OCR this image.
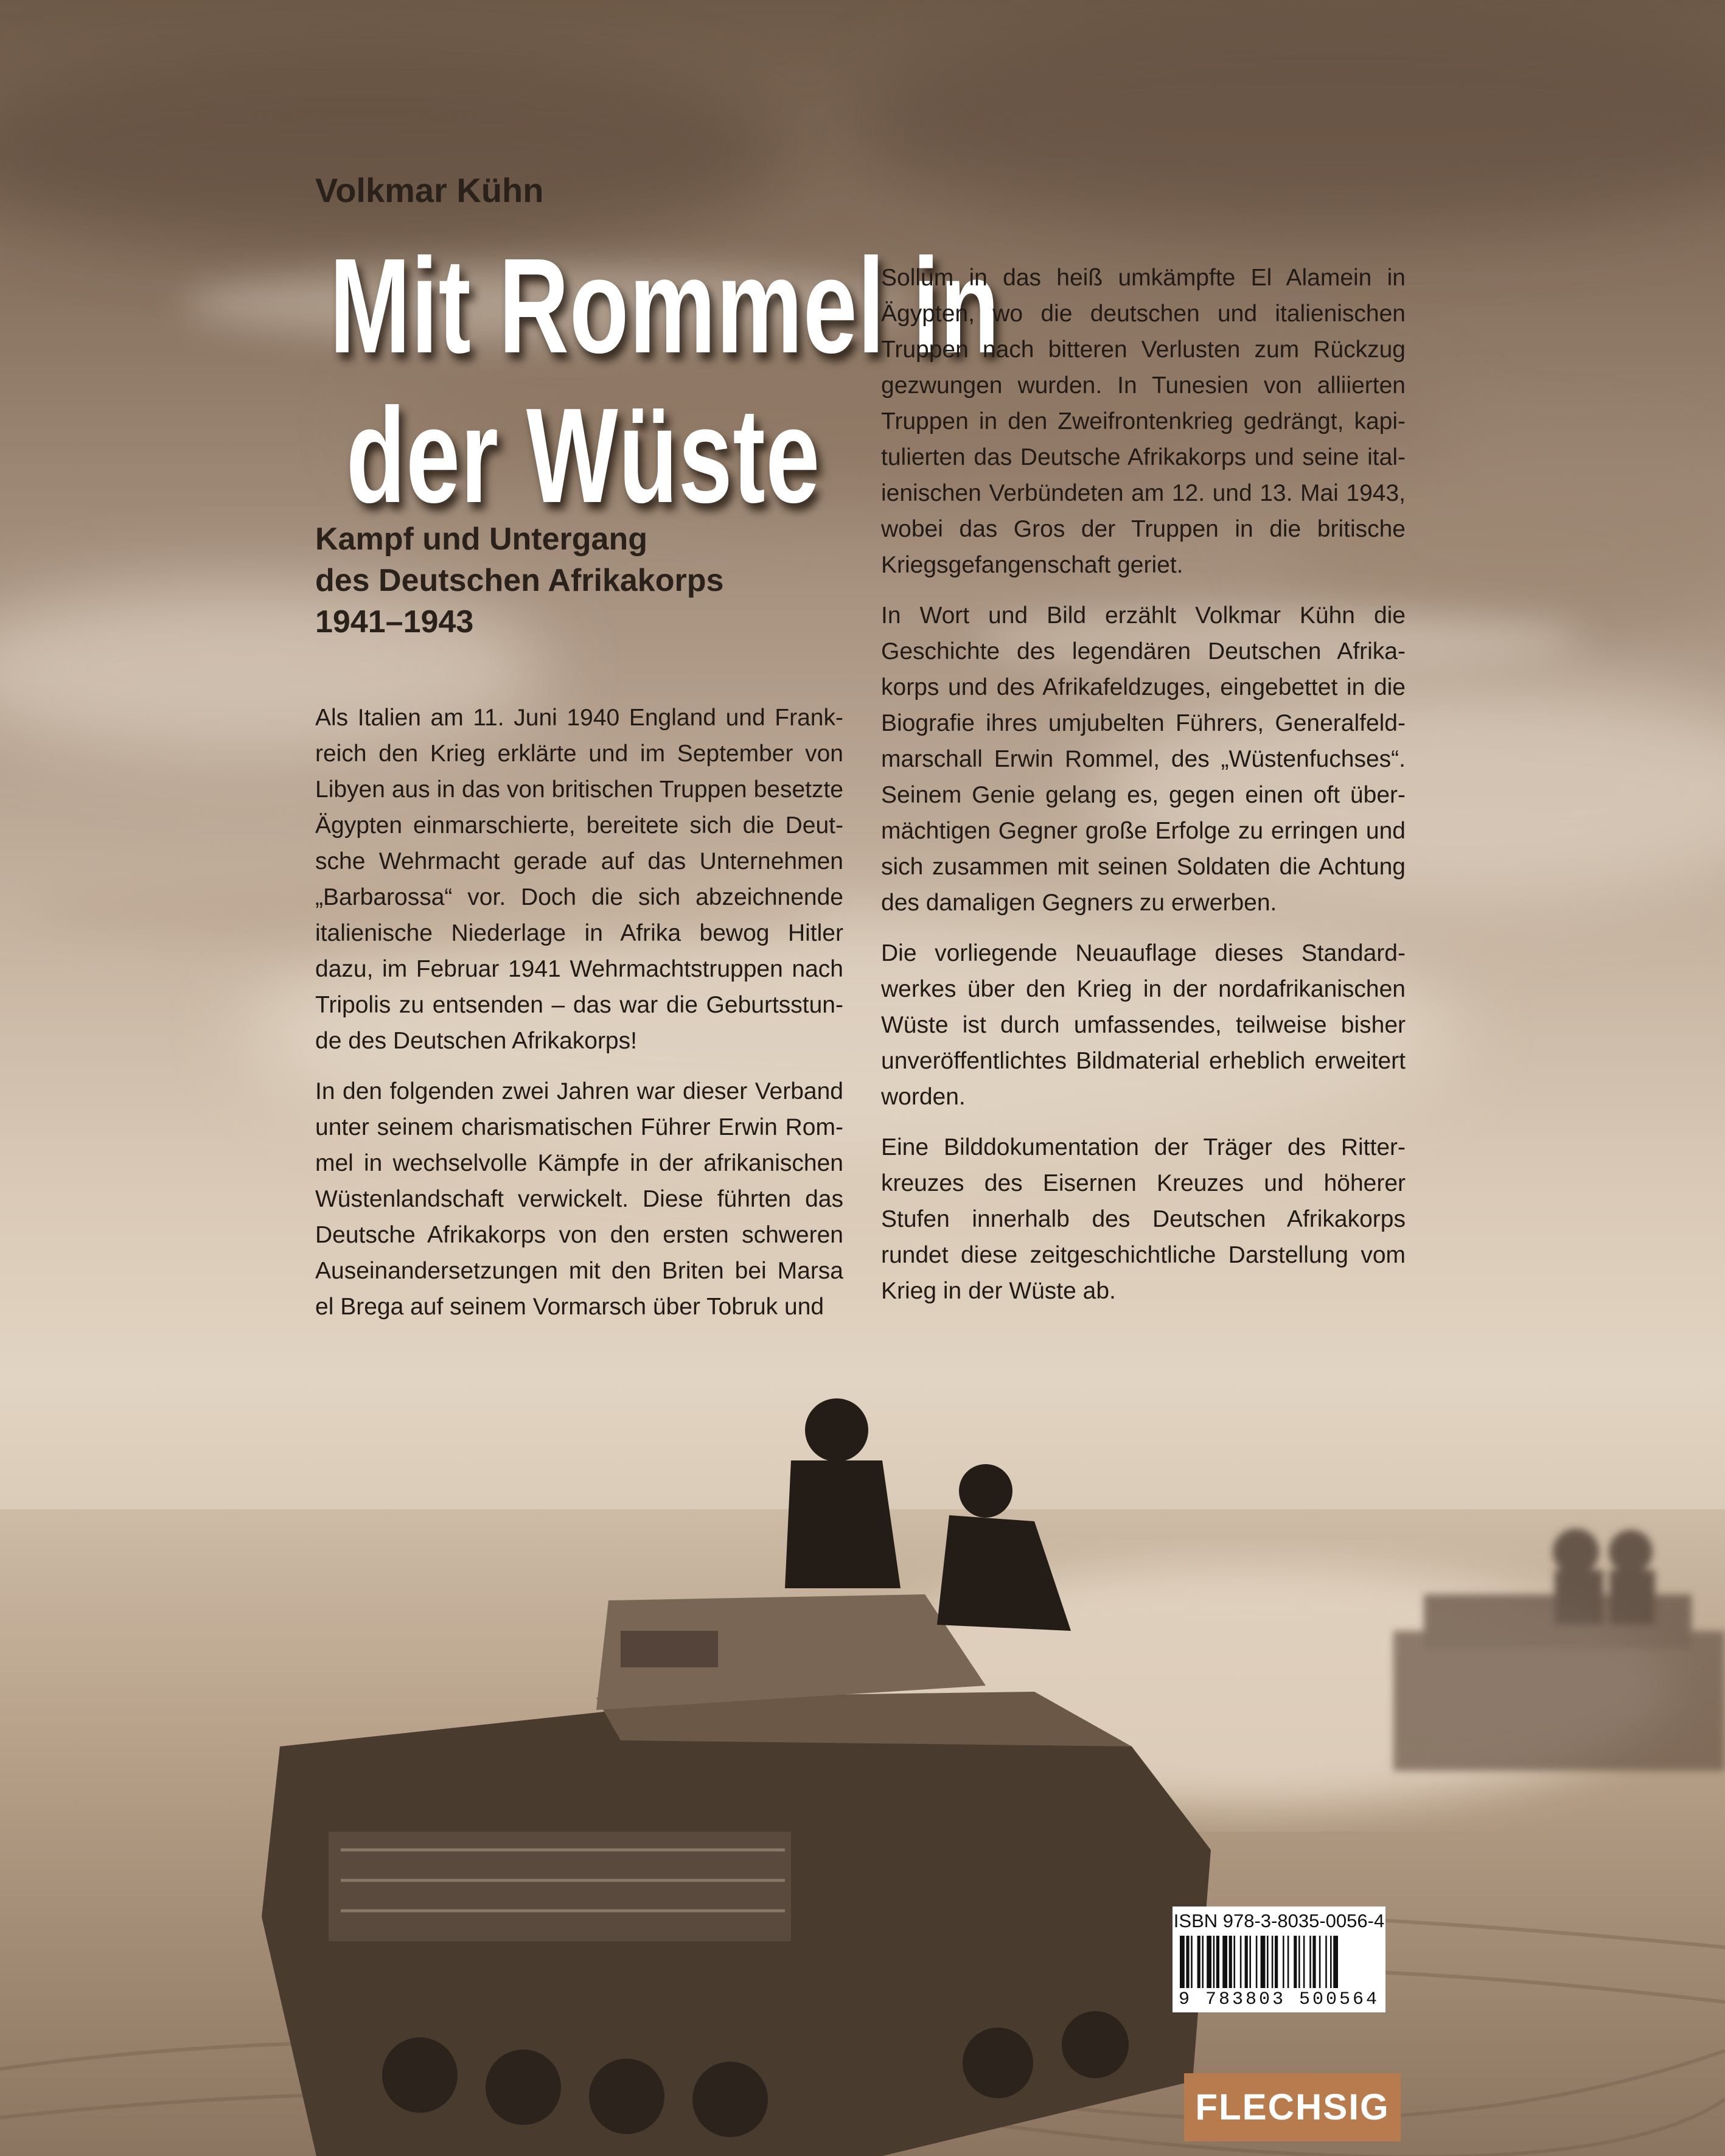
Volkmar Kühn

Mit Rommel in
der Wüste
Kampf und Untergang
des Deutschen Afrikakorps
1941–1943

Als Italien am 11. Juni 1940 England und Frankreich den Krieg erklärte und im September von Libyen aus in das von britischen Truppen besetzte Ägypten einmarschierte, bereitete sich die Deutsche Wehrmacht gerade auf das Unternehmen „Barbarossa“ vor. Doch die sich abzeichnende italienische Niederlage in Afrika bewog Hitler dazu, im Februar 1941 Wehrmachtstruppen nach Tripolis zu entsenden – das war die Geburtsstunde des Deutschen Afrikakorps!

In den folgenden zwei Jahren war dieser Verband unter seinem charismatischen Führer Erwin Rommel in wechselvolle Kämpfe in der afrikanischen Wüstenlandschaft verwickelt. Diese führten das Deutsche Afrikakorps von den ersten schweren Auseinandersetzungen mit den Briten bei Marsa el Brega auf seinem Vormarsch über Tobruk und

Sollum in das heiß umkämpfte El Alamein in Ägypten, wo die deutschen und italienischen Truppen nach bitteren Verlusten zum Rückzug gezwungen wurden. In Tunesien von alliierten Truppen in den Zweifrontenkrieg gedrängt, kapitulierten das Deutsche Afrikakorps und seine italienischen Verbündeten am 12. und 13. Mai 1943, wobei das Gros der Truppen in die britische Kriegsgefangenschaft geriet.

In Wort und Bild erzählt Volkmar Kühn die Geschichte des legendären Deutschen Afrikakorps und des Afrikafeldzuges, eingebettet in die Biografie ihres umjubelten Führers, Generalfeldmarschall Erwin Rommel, des „Wüstenfuchses“. Seinem Genie gelang es, gegen einen oft übermächtigen Gegner große Erfolge zu erringen und sich zusammen mit seinen Soldaten die Achtung des damaligen Gegners zu erwerben.

Die vorliegende Neuauflage dieses Standardwerkes über den Krieg in der nordafrikanischen Wüste ist durch umfassendes, teilweise bisher unveröffentlichtes Bildmaterial erheblich erweitert worden.

Eine Bilddokumentation der Träger des Ritterkreuzes des Eisernen Kreuzes und höherer Stufen innerhalb des Deutschen Afrikakorps rundet diese zeitgeschichtliche Darstellung vom Krieg in der Wüste ab.

ISBN 978-3-8035-0056-4
9 783803 500564
FLECHSIG
